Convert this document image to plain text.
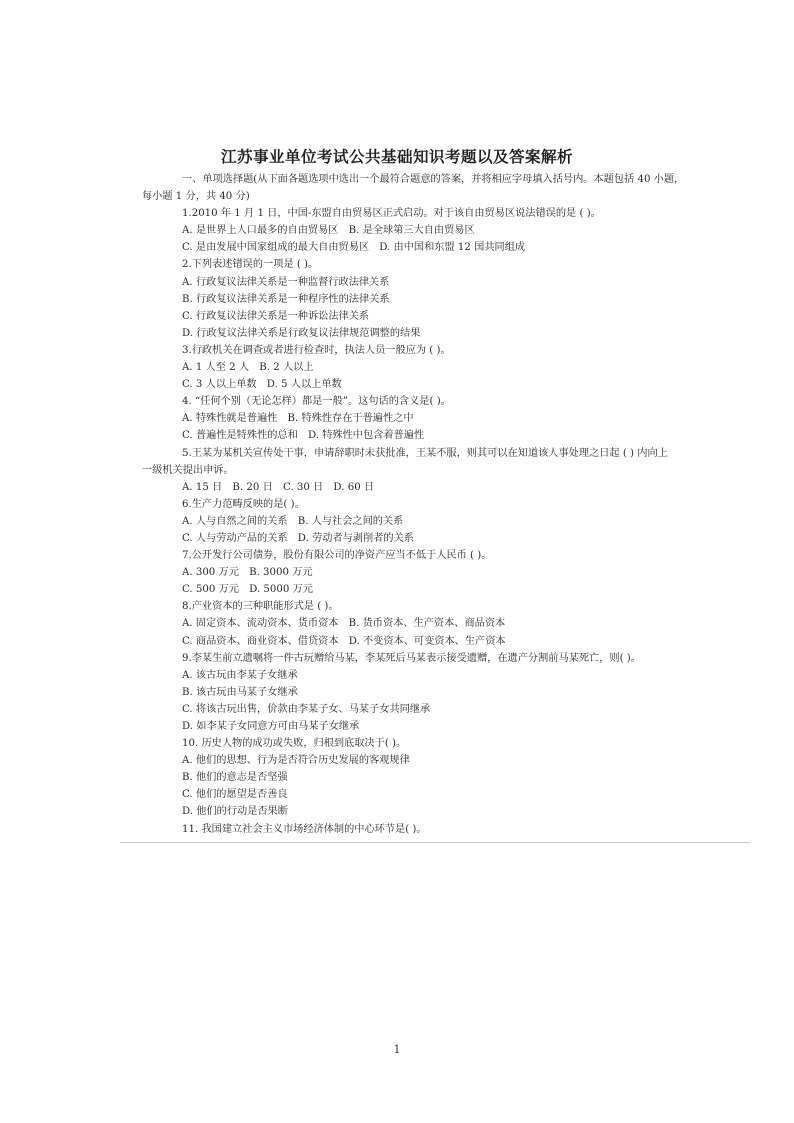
江苏事业单位考试公共基础知识考题以及答案解析
一、单项选择题(从下面各题选项中选出一个最符合题意的答案，并将相应字母填入括号内。本题包括 40 小题，
每小题 1 分，共 40 分)
1.2010 年 1 月 1 日，中国-东盟自由贸易区正式启动。对于该自由贸易区说法错误的是 ( )。
A. 是世界上人口最多的自由贸易区　B. 是全球第三大自由贸易区
C. 是由发展中国家组成的最大自由贸易区　D. 由中国和东盟 12 国共同组成
2.下列表述错误的一项是 ( )。
A. 行政复议法律关系是一种监督行政法律关系
B. 行政复议法律关系是一种程序性的法律关系
C. 行政复议法律关系是一种诉讼法律关系
D. 行政复议法律关系是行政复议法律规范调整的结果
3.行政机关在调查或者进行检查时，执法人员一般应为 ( )。
A. 1 人至 2 人　B. 2 人以上
C. 3 人以上单数　D. 5 人以上单数
4. “任何个别（无论怎样）都是一般”。这句话的含义是( )。
A. 特殊性就是普遍性　B. 特殊性存在于普遍性之中
C. 普遍性是特殊性的总和　D. 特殊性中包含着普遍性
5.王某为某机关宣传处干事，申请辞职时未获批准，王某不服，则其可以在知道该人事处理之日起 ( ) 内向上
一级机关提出申诉。
A. 15 日　B. 20 日　C. 30 日　D. 60 日
6.生产力范畴反映的是( )。
A. 人与自然之间的关系　B. 人与社会之间的关系
C. 人与劳动产品的关系　D. 劳动者与剥削者的关系
7.公开发行公司债券，股份有限公司的净资产应当不低于人民币 ( )。
A. 300 万元　B. 3000 万元
C. 500 万元　D. 5000 万元
8.产业资本的三种职能形式是 ( )。
A. 固定资本、流动资本、货币资本　B. 货币资本、生产资本、商品资本
C. 商品资本、商业资本、借贷资本　D. 不变资本、可变资本、生产资本
9.李某生前立遗嘱将一件古玩赠给马某，李某死后马某表示接受遗赠，在遗产分割前马某死亡，则( )。
A. 该古玩由李某子女继承
B. 该古玩由马某子女继承
C. 将该古玩出售，价款由李某子女、马某子女共同继承
D. 如李某子女同意方可由马某子女继承
10. 历史人物的成功或失败，归根到底取决于( )。
A. 他们的思想、行为是否符合历史发展的客观规律
B. 他们的意志是否坚强
C. 他们的愿望是否善良
D. 他们的行动是否果断
11. 我国建立社会主义市场经济体制的中心环节是( )。
1
